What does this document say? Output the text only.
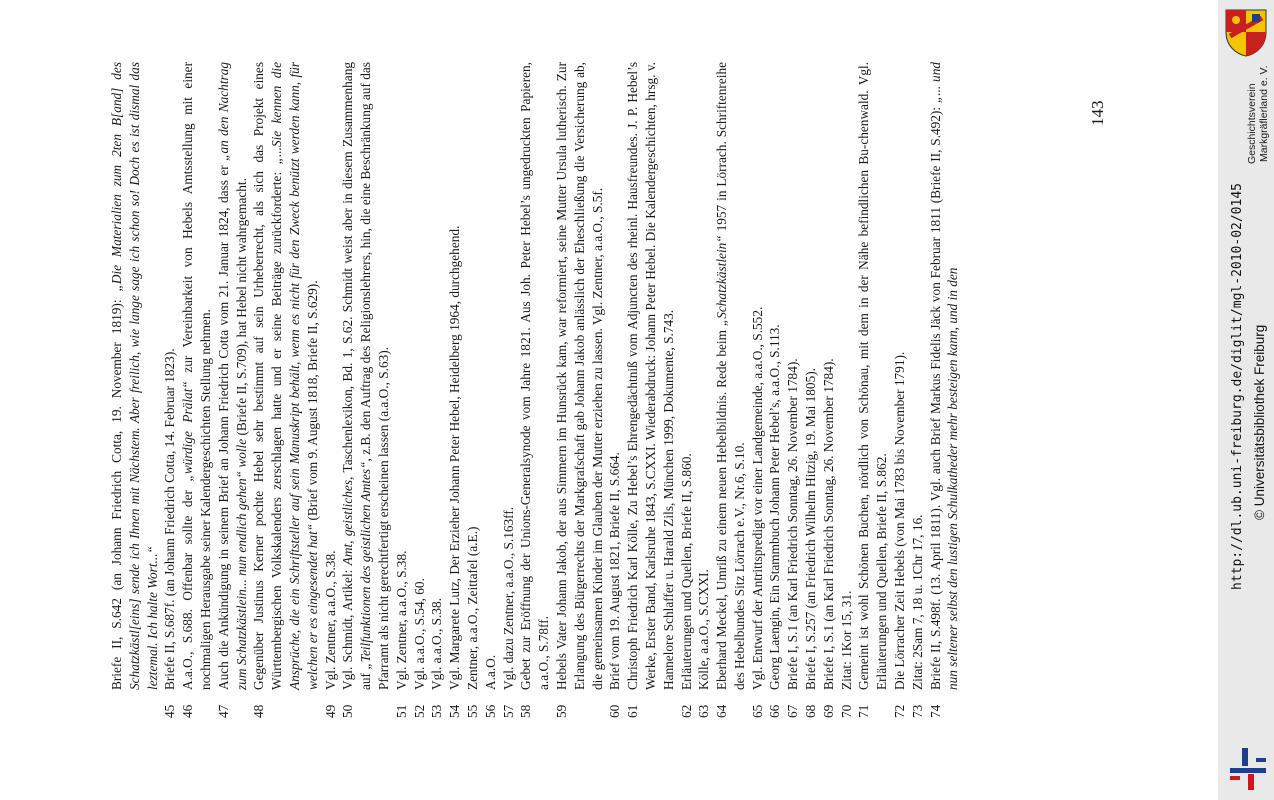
Briefe II, S.642 (an Johann Friedrich Cotta, 19. November 1819): „Die Materialien zum 2ten B[and] des Schatzkästl[eins] sende ich Ihnen mit Nächstem. Aber freilich, wie lange sage ich schon so! Doch es ist dismal das leztemal. Ich halte Wort...“
45
Briefe II, S.687f. (an Johann Friedrich Cotta, 14. Februar 1823).
46
A.a.O., S.688. Offenbar sollte der „würdige Prälat“ zur Vereinbarkeit von Hebels Amtsstellung mit einer nochmaligen Herausgabe seiner Kalendergeschichten Stellung nehmen.
47
Auch die Ankündigung in seinem Brief an Johann Friedrich Cotta vom 21. Januar 1824, dass er „an den Nachtrag zum Schatzkästlein... nun endlich gehen“ wolle (Briefe II, S.709), hat Hebel nicht wahrgemacht.
48
Gegenüber Justinus Kerner pochte Hebel sehr bestimmt auf sein Urheberrecht, als sich das Projekt eines Württembergischen Volkskalenders zerschlagen hatte und er seine Beiträge zurückforderte: „...Sie kennen die Ansprüche, die ein Schriftsteller auf sein Manuskript behält, wenn es nicht für den Zweck benützt werden kann, für welchen er es eingesendet hat“ (Brief vom 9. August 1818, Briefe II, S.629).
49
Vgl. Zentner, a.a.O., S.38.
50
Vgl. Schmidt, Artikel: Amt, geistliches, Taschenlexikon, Bd. 1, S.62. Schmidt weist aber in diesem Zusammenhang auf „Teilfunktionen des geistlichen Amtes“, z.B. den Auftrag des Religionslehrers, hin, die eine Beschränkung auf das Pfarramt als nicht gerechtfertigt erscheinen lassen (a.a.O., S.63).
51
Vgl. Zentner, a.a.O., S.38.
52
Vgl. a.a.O., S.54, 60.
53
Vgl. a.a.O., S.38.
54
Vgl. Margarete Lutz, Der Erzieher Johann Peter Hebel, Heidelberg 1964, durchgehend.
55
Zentner, a.a.O., Zeittafel (a.E.)
56
A.a.O.
57
Vgl. dazu Zentner, a.a.O., S.163ff.
58
Gebet zur Eröffnung der Unions-Generalsynode vom Jahre 1821. Aus Joh. Peter Hebel’s ungedruckten Papieren, a.a.O., S.78ff.
59
Hebels Vater Johann Jakob, der aus Simmern im Hunsrück kam, war reformiert, seine Mutter Ursula lutherisch. Zur Erlangung des Bürgerrechts der Markgrafschaft gab Johann Jakob anlässlich der Eheschließung die Versicherung ab, die gemeinsamen Kinder im Glauben der Mutter erziehen zu lassen. Vgl. Zentner, a.a.O., S.5f.
60
Brief vom 19. August 1821, Briefe II, S.664.
61
Christoph Friedrich Karl Kölle, Zu Hebel’s Ehrengedächtniß vom Adjuncten des rheinl. Hausfreundes. J. P. Hebel’s Werke, Erster Band, Karlsruhe 1843, S.CXXI. Wiederabdruck: Johann Peter Hebel. Die Kalendergeschichten, hrsg. v. Hannelore Schlaffer u. Harald Zils, München 1999, Dokumente, S.743.
62
Erläuterungen und Quellen, Briefe II, S.860.
63
Kölle, a.a.O., S.CXXI.
64
Eberhard Meckel, Umriß zu einem neuen Hebelbildnis. Rede beim „Schatzkästlein“ 1957 in Lörrach. Schriftenreihe des Hebelbundes Sitz Lörrach e.V., Nr.6, S.10.
65
Vgl. Entwurf der Antrittspredigt vor einer Landgemeinde, a.a.O., S.552.
66
Georg Laengin, Ein Stammbuch Johann Peter Hebel’s, a.a.O., S.113.
67
Briefe I, S.1 (an Karl Friedrich Sonntag, 26. November 1784).
68
Briefe I, S.257 (an Friedrich Wilhelm Hitzig, 19. Mai 1805).
69
Briefe I, S.1 (an Karl Friedrich Sonntag, 26. November 1784).
70
Zitat: 1Kor 15, 31.
71
Gemeint ist wohl Schönen Buchen, nördlich von Schönau, mit dem in der Nähe befindlichen Bu-chenwald. Vgl. Erläuterungen und Quellen, Briefe II, S.862.
72
Die Lörracher Zeit Hebels (von Mai 1783 bis November 1791).
73
Zitat: 2Sam 7, 18 u. 1Chr 17, 16.
74
Briefe II, S.498f. (13. April 1811). Vgl. auch Brief Markus Fidelis Jäck von Februar 1811 (Briefe II, S.492): „... und nun seltener selbst den lustigen Schulkatheder mehr besteigen kann, und in den
143	Geschichtsverein Markgräflerland e. V.
http://dl.ub.uni-freiburg.de/diglit/mgl-2010-02/0145 © Universitätsbibliothek Freiburg
